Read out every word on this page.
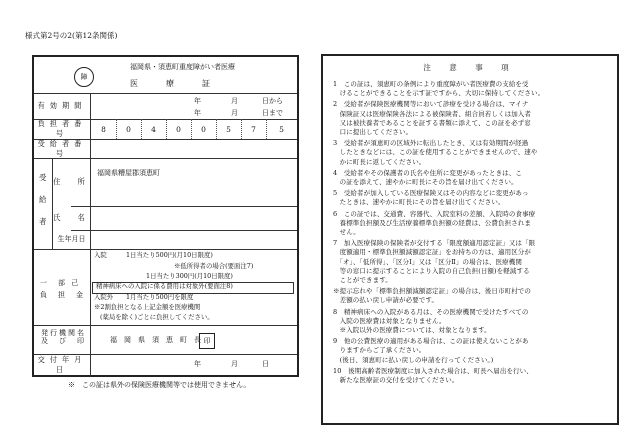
様式第2号の2(第12条関係)
障
福岡県・須恵町重度障がい者医療
医　　療　　証
有効期間	年	月	日から
年	月	日まで
負担者番号	8	0	4	0	0	5	7	5
受給者番号
受
給
者
住　所
福岡県糟屋郡須恵町
氏　名
生年月日
一　部 己
負　担　金
入院　　　1日当たり500円(月10日限度)
※低所得者の場合(要面注7)
1日当たり300円(月10日限度)
精神病床への入院に係る費用は対象外(要面注8)
入院外　　1月当たり500円を限度
※2割負担となる上記金額を医療機関
(薬局を除く)ごとに負担してください。
発行機関名
及　び　印	福　岡　県　須　恵　町　長 印
交付年月日
年	月	日
※　この証は県外の保険医療機関等では使用できません。
注 意 事 項

1　この証は、須恵町の条例により重度障がい者医療費の支給を受

　けることができることを示す証ですから、大切に保持してください。

2　受給者が保険医療機関等において診療を受ける場合は、マイナ

　保険証又は医療保険各法による被保険者、組合員若しくは加入者

　又は被扶養者であることを証する書類に添えて、この証を必ず窓

　口に提出してください。

3　受給者が須恵町の区域外に転出したとき、又は有効期間が経過

　したときなどには、この証を使用することができませんので、速や

　かに町長に返してください。

4　受給者やその保護者の氏名や住所に変更があったときは、こ

　の証を添えて、速やかに町長にその旨を届け出てください。

5　受給者が加入している医療保険又はその内容などに変更があっ

　たときは、速やかに町長にその旨を届け出てください。

6　この証では、交通費、容器代、入院室料の差額、入院時の食事療

　養標準負担額及び生活療養標準負担額の経費は、公費負担されま

　せん。

7　加入医療保険の保険者が交付する「限度額適用認定証」又は「限

　度額適用・標準負担額減額認定証」をお持ちの方は、適用区分が

　「オ」、「低所得」、「区分Ⅰ」又は「区分Ⅱ」の場合は、医療機関

　等の窓口に提示することにより入院の自己負担(日額)を軽減する

　ことができます。

※提示忘れや「標準負担額減額認定証」の場合は、後日市町村での

　差額の払い戻し申請が必要です。

8　精神病床への入院がある月は、その医療機関で受けたすべての

　入院の医療費は対象となりません。

　※入院以外の医療費については、対象となります。

9　他の公費医療の適用がある場合は、この証は使えないことがあ

　りますからご了承ください。

　(後日、須恵町に払い戻しの申請を行ってください。)

10　後期高齢者医療制度に加入された場合は、町長へ届出を行い、

　新たな医療証の交付を受けてください。
